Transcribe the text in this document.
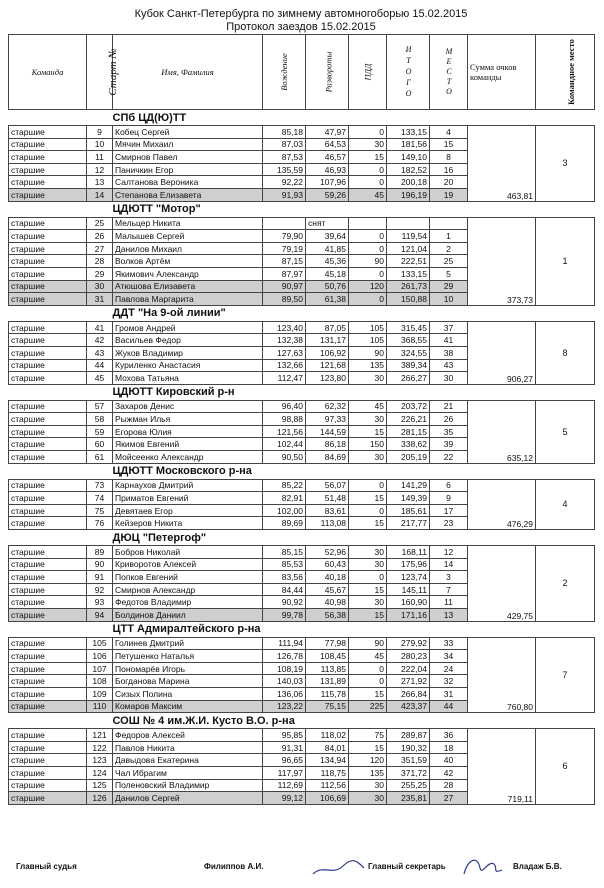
Кубок Санкт-Петербурга по зимнему автомногоборью 15.02.2015
Протокол заездов 15.02.2015
Команда	Старт №	Имя, Фамилия	Вождение	Развороты	ПДД	ИТОГО	МЕСТО	Сумма очков команды	Командное место
		СПб ЦД(Ю)ТТ							
старшие	9	Кобец Сергей	85,18	47,97	0	133,15	4	463,81	3
старшие	10	Мячин Михаил	87,03	64,53	30	181,56	15		
старшие	11	Смирнов Павел	87,53	46,57	15	149,10	8		
старшие	12	Паничкин Егор	135,59	46,93	0	182,52	16		
старшие	13	Салтанова Вероника	92,22	107,96	0	200,18	20		
старшие	14	Степанова Елизавета	91,93	59,26	45	196,19	19		
		ЦДЮТТ "Мотор"							
старшие	25	Мельцер Никита		снят				373,73	1
старшие	26	Малышев Сергей	79,90	39,64	0	119,54	1		
старшие	27	Данилов Михаил	79,19	41,85	0	121,04	2		
старшие	28	Волков Артём	87,15	45,36	90	222,51	25		
старшие	29	Якимович Александр	87,97	45,18	0	133,15	5		
старшие	30	Атюшова Елизавета	90,97	50,76	120	261,73	29		
старшие	31	Павлова Маргарита	89,50	61,38	0	150,88	10		
		ДДТ "На 9-ой линии"							
старшие	41	Громов Андрей	123,40	87,05	105	315,45	37	906,27	8
старшие	42	Васильев Федор	132,38	131,17	105	368,55	41		
старшие	43	Жуков Владимир	127,63	106,92	90	324,55	38		
старшие	44	Куриленко Анастасия	132,66	121,68	135	389,34	43		
старшие	45	Мохова Татьяна	112,47	123,80	30	266,27	30		
		ЦДЮТТ Кировский р-н							
старшие	57	Захаров Денис	96,40	62,32	45	203,72	21	635,12	5
старшие	58	Рыжман Илья	98,88	97,33	30	226,21	26		
старшие	59	Егорова Юлия	121,56	144,59	15	281,15	35		
старшие	60	Якимов Евгений	102,44	86,18	150	338,62	39		
старшие	61	Мойсеенко Александр	90,50	84,69	30	205,19	22		
		ЦДЮТТ Московского р-на							
старшие	73	Карнаухов Дмитрий	85,22	56,07	0	141,29	6	476,29	4
старшие	74	Приматов Евгений	82,91	51,48	15	149,39	9		
старшие	75	Девятаев Егор	102,00	83,61	0	185,61	17		
старшие	76	Кейзеров Никита	89,69	113,08	15	217,77	23		
		ДЮЦ "Петергоф"							
старшие	89	Бобров Николай	85,15	52,96	30	168,11	12	429,75	2
старшие	90	Криворотов Алексей	85,53	60,43	30	175,96	14		
старшие	91	Попков Евгений	83,56	40,18	0	123,74	3		
старшие	92	Смирнов Александр	84,44	45,67	15	145,11	7		
старшие	93	Федотов Владимир	90,92	40,98	30	160,90	11		
старшие	94	Болдинов Даниил	99,78	56,38	15	171,16	13		
		ЦТТ Адмиралтейского р-на							
старшие	105	Голинев Дмитрий	111,94	77,98	90	279,92	33	760,80	7
старшие	106	Петушенко Наталья	126,78	108,45	45	280,23	34		
старшие	107	Пономарёв Игорь	108,19	113,85	0	222,04	24		
старшие	108	Богданова Марина	140,03	131,89	0	271,92	32		
старшие	109	Сизых Полина	136,06	115,78	15	266,84	31		
старшие	110	Комаров Максим	123,22	75,15	225	423,37	44		
		СОШ № 4 им.Ж.И. Кусто В.О. р-на							
старшие	121	Федоров Алексей	95,85	118,02	75	289,87	36	719,11	6
старшие	122	Павлов Никита	91,31	84,01	15	190,32	18		
старшие	123	Давыдова Екатерина	96,65	134,94	120	351,59	40		
старшие	124	Чал Ибрагим	117,97	118,75	135	371,72	42		
старшие	125	Поленовский Владимир	112,69	112,56	30	255,25	28		
старшие	126	Данилов Сергей	99,12	106,69	30	235,81	27		
Главный судья	Филиппов А.И.	Главный секретарь	Владаж Б.В.
